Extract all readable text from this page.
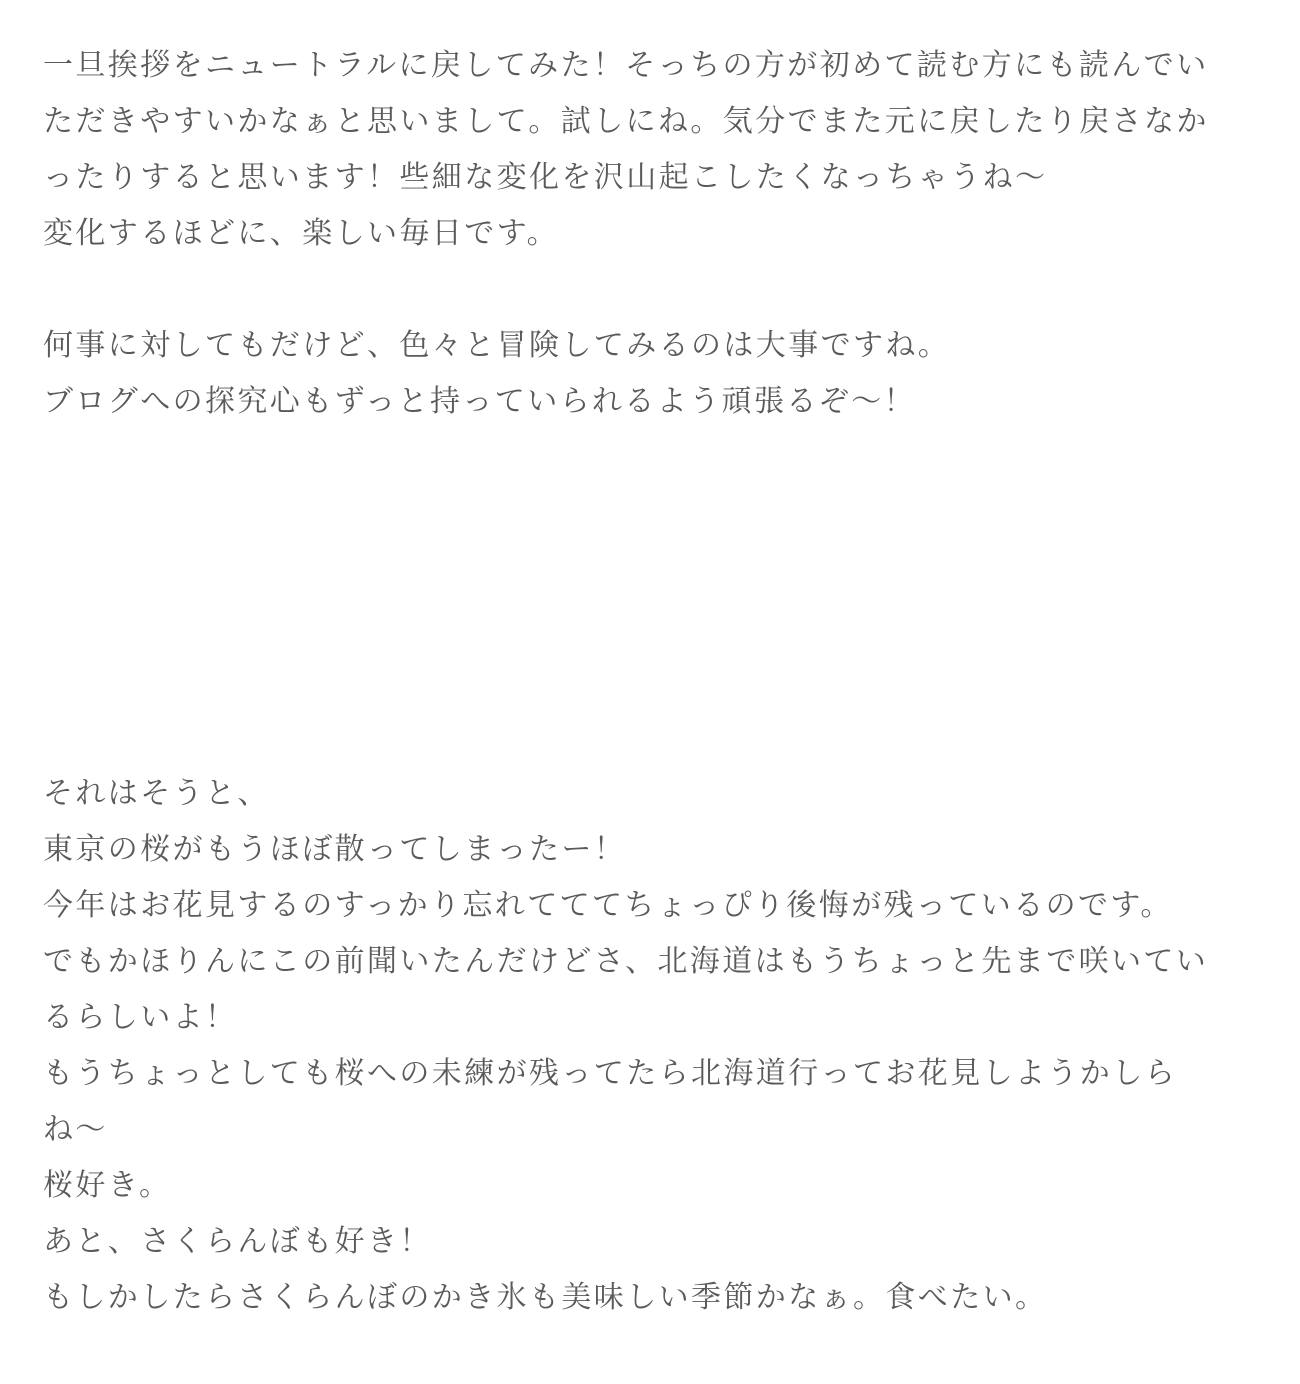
一旦挨拶をニュートラルに戻してみた！そっちの方が初めて読む方にも読んでい
ただきやすいかなぁと思いまして。試しにね。気分でまた元に戻したり戻さなか
ったりすると思います！些細な変化を沢山起こしたくなっちゃうね〜
変化するほどに、楽しい毎日です。
何事に対してもだけど、色々と冒険してみるのは大事ですね。
ブログへの探究心もずっと持っていられるよう頑張るぞ〜！
それはそうと、
東京の桜がもうほぼ散ってしまったー！
今年はお花見するのすっかり忘れてててちょっぴり後悔が残っているのです。
でもかほりんにこの前聞いたんだけどさ、北海道はもうちょっと先まで咲いてい
るらしいよ！
もうちょっとしても桜への未練が残ってたら北海道行ってお花見しようかしら
ね〜
桜好き。
あと、さくらんぼも好き！
もしかしたらさくらんぼのかき氷も美味しい季節かなぁ。食べたい。
